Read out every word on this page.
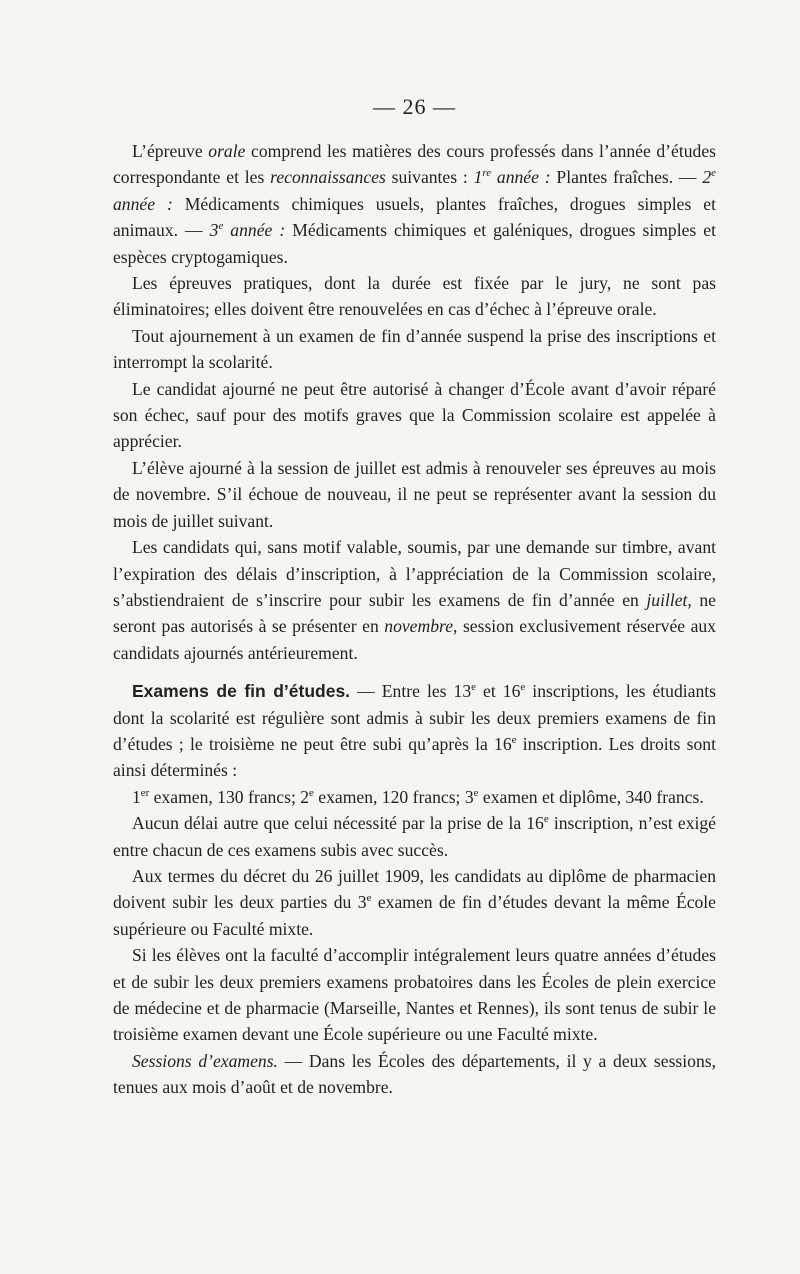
— 26 —

L’épreuve orale comprend les matières des cours professés dans l’année d’études correspondante et les reconnaissances suivantes : 1re année : Plantes fraîches. — 2e année : Médicaments chimiques usuels, plantes fraîches, drogues simples et animaux. — 3e année : Médicaments chimiques et galéniques, drogues simples et espèces cryptogamiques.

Les épreuves pratiques, dont la durée est fixée par le jury, ne sont pas éliminatoires; elles doivent être renouvelées en cas d’échec à l’épreuve orale.

Tout ajournement à un examen de fin d’année suspend la prise des inscriptions et interrompt la scolarité.

Le candidat ajourné ne peut être autorisé à changer d’École avant d’avoir réparé son échec, sauf pour des motifs graves que la Commission scolaire est appelée à apprécier.

L’élève ajourné à la session de juillet est admis à renouveler ses épreuves au mois de novembre. S’il échoue de nouveau, il ne peut se représenter avant la session du mois de juillet suivant.

Les candidats qui, sans motif valable, soumis, par une demande sur timbre, avant l’expiration des délais d’inscription, à l’appréciation de la Commission scolaire, s’abstiendraient de s’inscrire pour subir les examens de fin d’année en juillet, ne seront pas autorisés à se présenter en novembre, session exclusivement réservée aux candidats ajournés antérieurement.

Examens de fin d’études. — Entre les 13e et 16e inscriptions, les étudiants dont la scolarité est régulière sont admis à subir les deux premiers examens de fin d’études ; le troisième ne peut être subi qu’après la 16e inscription. Les droits sont ainsi déterminés :

1er examen, 130 francs; 2e examen, 120 francs; 3e examen et diplôme, 340 francs.

Aucun délai autre que celui nécessité par la prise de la 16e inscription, n’est exigé entre chacun de ces examens subis avec succès.

Aux termes du décret du 26 juillet 1909, les candidats au diplôme de pharmacien doivent subir les deux parties du 3e examen de fin d’études devant la même École supérieure ou Faculté mixte.

Si les élèves ont la faculté d’accomplir intégralement leurs quatre années d’études et de subir les deux premiers examens probatoires dans les Écoles de plein exercice de médecine et de pharmacie (Marseille, Nantes et Rennes), ils sont tenus de subir le troisième examen devant une École supérieure ou une Faculté mixte.

Sessions d’examens. — Dans les Écoles des départements, il y a deux sessions, tenues aux mois d’août et de novembre.
